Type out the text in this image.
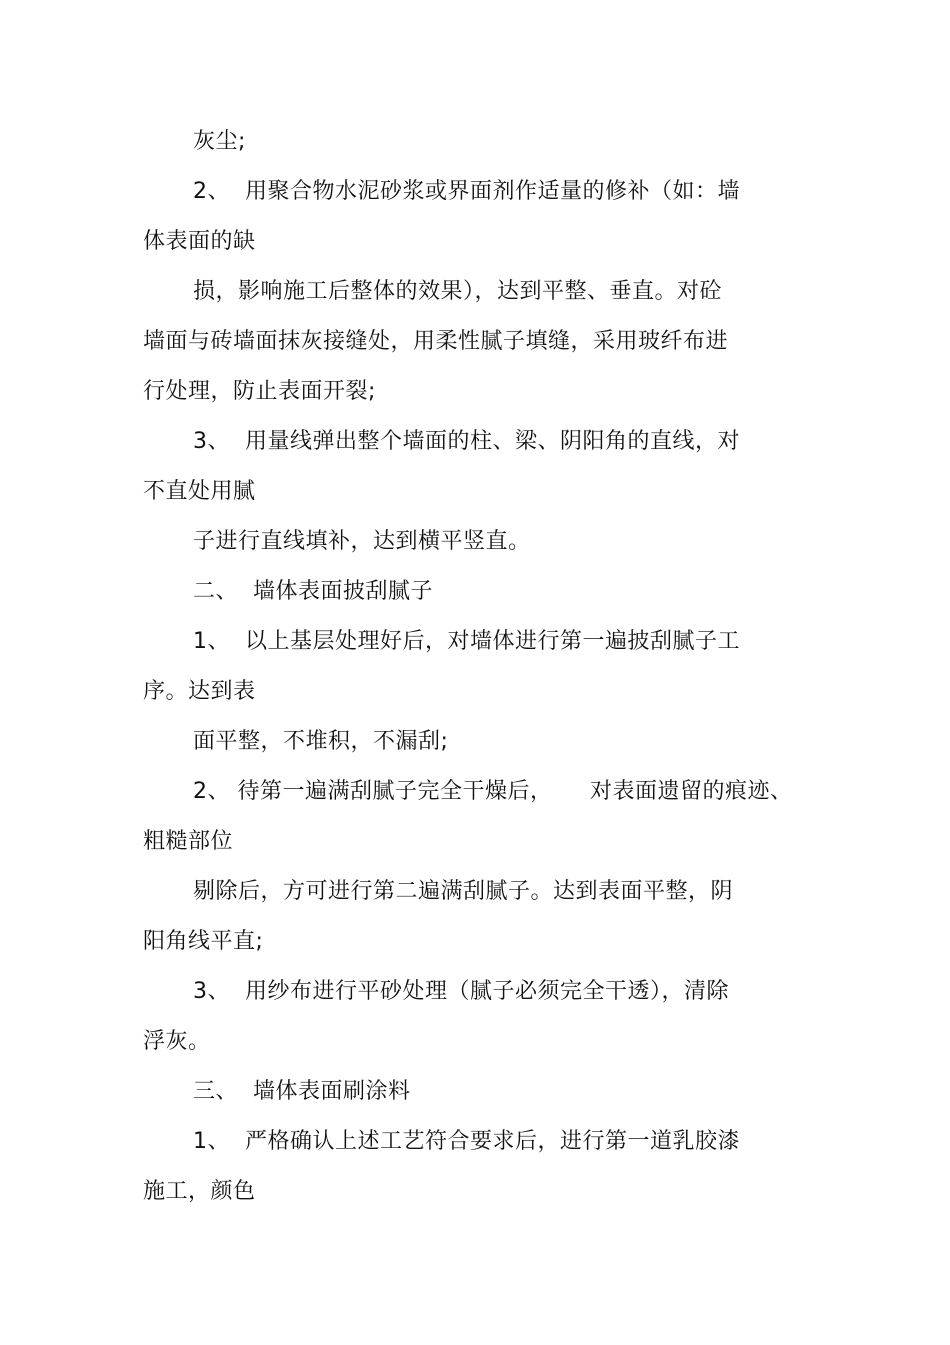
灰尘;
2、  用聚合物水泥砂浆或界面剂作适量的修补（如：墙
体表面的缺
损，影响施工后整体的效果），达到平整、垂直。对砼
墙面与砖墙面抹灰接缝处，用柔性腻子填缝，采用玻纤布进
行处理，防止表面开裂;
3、  用量线弹出整个墙面的柱、梁、阴阳角的直线，对
不直处用腻
子进行直线填补，达到横平竖直。
二、  墙体表面披刮腻子
1、  以上基层处理好后，对墙体进行第一遍披刮腻子工
序。达到表
面平整，不堆积，不漏刮;
2、 待第一遍满刮腻子完全干燥后，     对表面遗留的痕迹、
粗糙部位
剔除后，方可进行第二遍满刮腻子。达到表面平整，阴
阳角线平直;
3、  用纱布进行平砂处理（腻子必须完全干透），清除
浮灰。
三、  墙体表面刷涂料
1、  严格确认上述工艺符合要求后，进行第一道乳胶漆
施工，颜色
